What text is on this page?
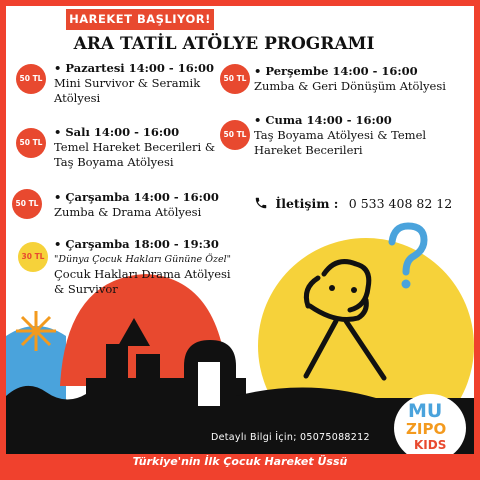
HAREKET BAŞLIYOR!
ARA TATİL ATÖLYE PROGRAMI
50 TL
• Pazartesi 14:00 - 16:00
Mini Survivor & Seramik
Atölyesi
50 TL
• Salı 14:00 - 16:00
Temel Hareket Becerileri &
Taş Boyama Atölyesi
50 TL	• Çarşamba 14:00 - 16:00
Zumba & Drama Atölyesi
30 TL
• Çarşamba 18:00 - 19:30
"Dünya Çocuk Hakları Gününe Özel"
Çocuk Hakları Drama Atölyesi
& Survivor
50 TL
• Perşembe 14:00 - 16:00
Zumba & Geri Dönüşüm Atölyesi
50 TL
• Cuma 14:00 - 16:00
Taş Boyama Atölyesi & Temel
Hareket Becerileri
İletişim : 0 533 408 82 12
Detaylı Bilgi İçin; 05075088212
MU
ZIPO
KIDS
Türkiye'nin İlk Çocuk Hareket Üssü
